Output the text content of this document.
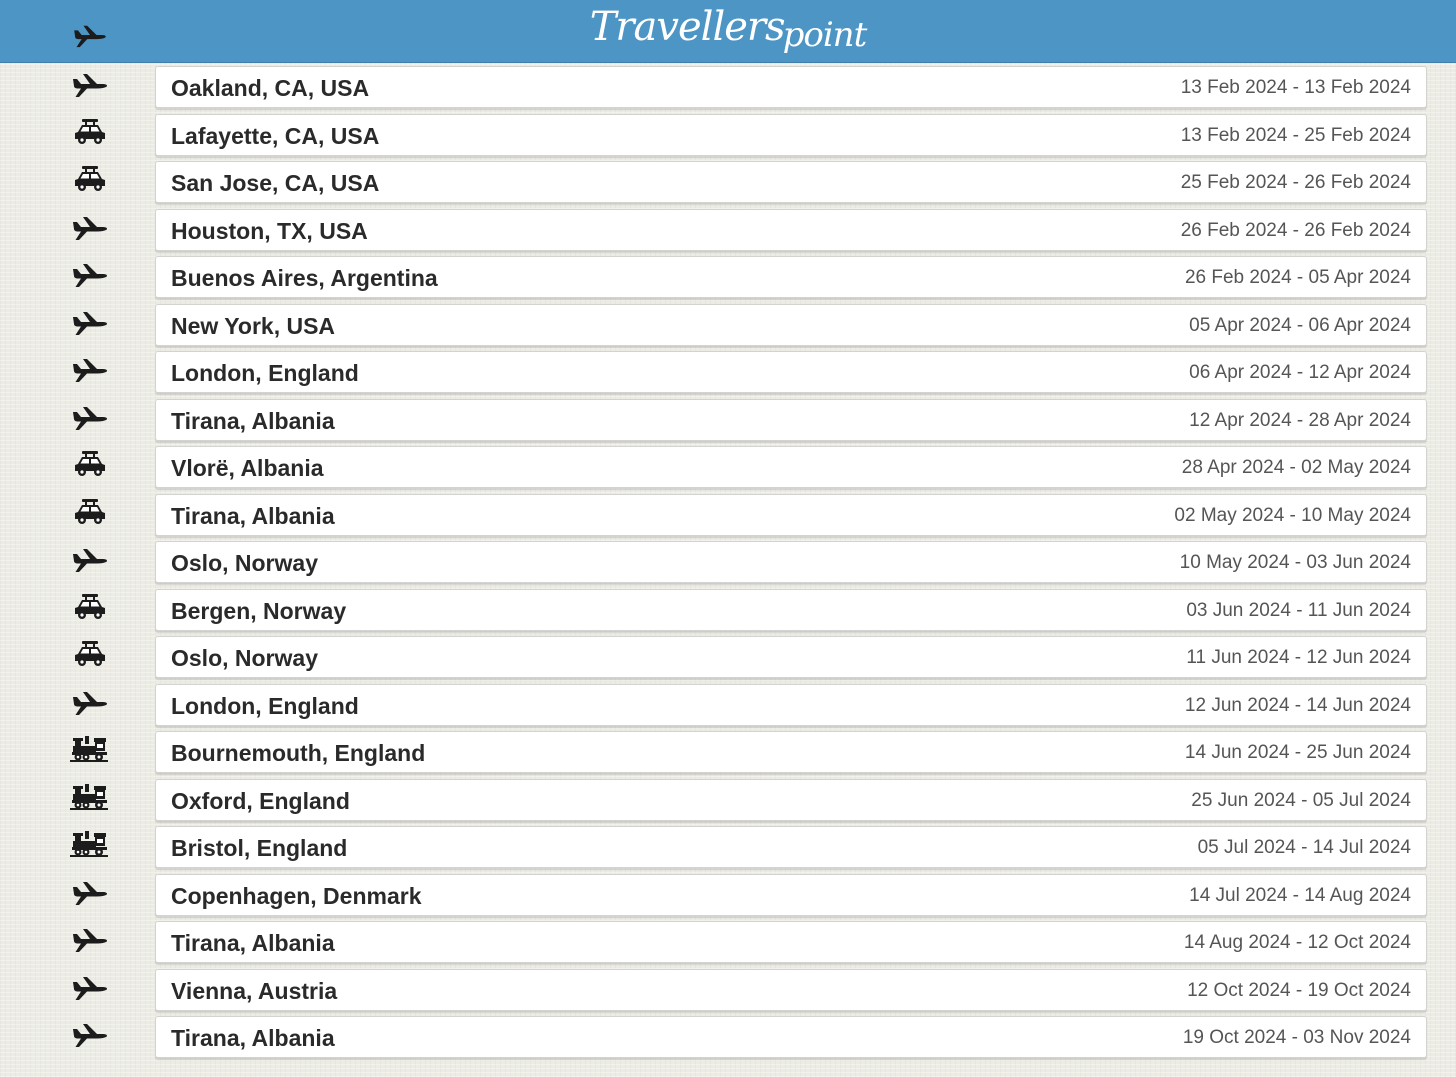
Travellerspoint
Oakland, CA, USA	13 Feb 2024 - 13 Feb 2024
Lafayette, CA, USA	13 Feb 2024 - 25 Feb 2024
San Jose, CA, USA	25 Feb 2024 - 26 Feb 2024
Houston, TX, USA	26 Feb 2024 - 26 Feb 2024
Buenos Aires, Argentina	26 Feb 2024 - 05 Apr 2024
New York, USA	05 Apr 2024 - 06 Apr 2024
London, England	06 Apr 2024 - 12 Apr 2024
Tirana, Albania	12 Apr 2024 - 28 Apr 2024
Vlorë, Albania	28 Apr 2024 - 02 May 2024
Tirana, Albania	02 May 2024 - 10 May 2024
Oslo, Norway	10 May 2024 - 03 Jun 2024
Bergen, Norway	03 Jun 2024 - 11 Jun 2024
Oslo, Norway	11 Jun 2024 - 12 Jun 2024
London, England	12 Jun 2024 - 14 Jun 2024
Bournemouth, England	14 Jun 2024 - 25 Jun 2024
Oxford, England	25 Jun 2024 - 05 Jul 2024
Bristol, England	05 Jul 2024 - 14 Jul 2024
Copenhagen, Denmark	14 Jul 2024 - 14 Aug 2024
Tirana, Albania	14 Aug 2024 - 12 Oct 2024
Vienna, Austria	12 Oct 2024 - 19 Oct 2024
Tirana, Albania	19 Oct 2024 - 03 Nov 2024
